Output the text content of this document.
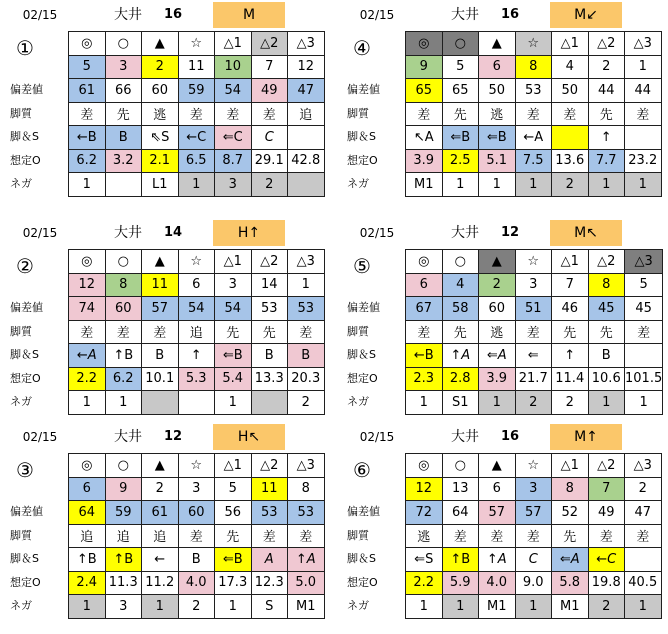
02/15	大井	16	M
①
偏差値
脚質
脚＆S
想定O
ネガ
◎	○	▲	☆	△1	△2	△3
5	3	2	11	10	7	12
61	66	60	59	54	49	47
差	先	逃	差	差	差	追
←B	B	⇖S	←C	⇐C	C	
6.2	3.2	2.1	6.5	8.7	29.1	42.8
1		L1	1	3	2	
02/15	大井	16	M↙
④
偏差値
脚質
脚＆S
想定O
ネガ
◎	○	▲	☆	△1	△2	△3
9	5	6	8	4	2	1
65	65	50	53	50	44	44
差	先	逃	差	差	先	差
↖A	⇐B	⇐B	←A		↑	
3.9	2.5	5.1	7.5	13.6	7.7	23.2
M1	1	1	1	2	1	1
02/15	大井	14	H↑
②
偏差値
脚質
脚＆S
想定O
ネガ
◎	○	▲	☆	△1	△2	△3
12	8	11	6	3	14	1
74	60	57	54	54	53	53
差	差	差	追	先	先	差
←A	↑B	B	↑	⇐B	B	B
2.2	6.2	10.1	5.3	5.4	13.3	20.3
1	1			1		2
02/15	大井	12	M↖
⑤
偏差値
脚質
脚＆S
想定O
ネガ
◎	○	▲	☆	△1	△2	△3
6	4	2	3	7	8	5
67	58	60	51	46	45	45
差	先	逃	差	先	先	差
←B	↑A	⇐A	⇐	↑	B	
2.3	2.8	3.9	21.7	11.4	10.6	101.5
1	S1	1	2	2	1	1
02/15	大井	12	H↖
③
偏差値
脚質
脚＆S
想定O
ネガ
◎	○	▲	☆	△1	△2	△3
6	9	2	3	5	11	8
64	59	61	60	56	53	53
追	追	追	差	先	差	差
↑B	↑B	←	B	⇐B	A	↑A
2.4	11.3	11.2	4.0	17.3	12.3	5.0
1	3	1	2	1	S	M1
02/15	大井	16	M↑
⑥
偏差値
脚質
脚＆S
想定O
ネガ
◎	○	▲	☆	△1	△2	△3
12	13	6	3	8	7	2
72	64	57	57	52	49	47
逃	差	差	差	先	差	差
⇐S	↑B	↑A	C	⇐A	←C	
2.2	5.9	4.0	9.0	5.8	19.8	40.5
1	1	M1	1	M1	2	1
